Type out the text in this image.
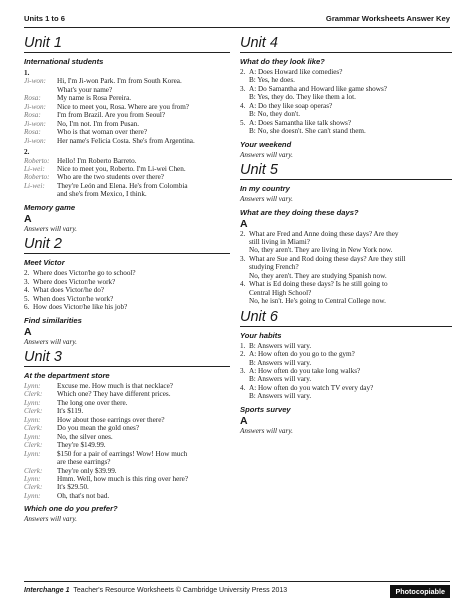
Units 1 to 6	Grammar Worksheets Answer Key
Unit 1
International students
1.
Ji-won:	Hi, I'm Ji-won Park. I'm from South Korea.
What's your name?
Rosa:	My name is Rosa Pereira.
Ji-won:	Nice to meet you, Rosa. Where are you from?
Rosa:	I'm from Brazil. Are you from Seoul?
Ji-won:	No, I'm not. I'm from Pusan.
Rosa:	Who is that woman over there?
Ji-won:	Her name's Felicia Costa. She's from Argentina.
2.
Roberto:	Hello! I'm Roberto Barreto.
Li-wei:	Nice to meet you, Roberto. I'm Li-wei Chen.
Roberto:	Who are the two students over there?
Li-wei:	They're León and Elena. He's from Colombia
and she's from Mexico, I think.
Memory game
A
Answers will vary.
Unit 2
Meet Victor
2. Where does Victor/he go to school?
3. Where does Victor/he work?
4. What does Victor/he do?
5. When does Victor/he work?
6. How does Victor/he like his job?
Find similarities
A
Answers will vary.
Unit 3
At the department store
Lynn:	Excuse me. How much is that necklace?
Clerk:	Which one? They have different prices.
Lynn:	The long one over there.
Clerk:	It's $119.
Lynn:	How about those earrings over there?
Clerk:	Do you mean the gold ones?
Lynn:	No, the silver ones.
Clerk:	They're $149.99.
Lynn:	$150 for a pair of earrings! Wow! How much
are these earrings?
Clerk:	They're only $39.99.
Lynn:	Hmm. Well, how much is this ring over here?
Clerk:	It's $29.50.
Lynn:	Oh, that's not bad.
Which one do you prefer?
Answers will vary.
Unit 4
What do they look like?
2. A: Does Howard like comedies?
B: Yes, he does.
3. A: Do Samantha and Howard like game shows?
B: Yes, they do. They like them a lot.
4. A: Do they like soap operas?
B: No, they don't.
5. A: Does Samantha like talk shows?
B: No, she doesn't. She can't stand them.
Your weekend
Answers will vary.
Unit 5
In my country
Answers will vary.
What are they doing these days?
A
2. What are Fred and Anne doing these days? Are they
still living in Miami?
No, they aren't. They are living in New York now.
3. What are Sue and Rod doing these days? Are they still
studying French?
No, they aren't. They are studying Spanish now.
4. What is Ed doing these days? Is he still going to
Central High School?
No, he isn't. He's going to Central College now.
Unit 6
Your habits
1. B: Answers will vary.
2. A: How often do you go to the gym?
B: Answers will vary.
3. A: How often do you take long walks?
B: Answers will vary.
4. A: How often do you watch TV every day?
B: Answers will vary.
Sports survey
A
Answers will vary.
Interchange 1 Teacher's Resource Worksheets © Cambridge University Press 2013	Photocopiable
